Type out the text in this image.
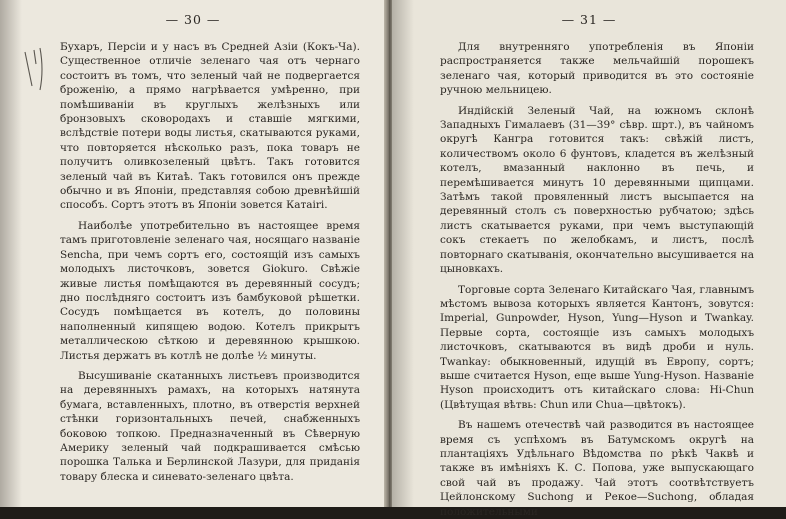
— 30 —

Бухаръ, Персіи и у насъ въ Средней Азіи (Кокъ-Чa). Существенное отличіе зеленаго чая отъ чернаго состоитъ въ томъ, что зеленый чай не подвергается броженію, а прямо нагрѣвается умѣренно, при помѣшиваніи въ круглыхъ желѣзныхъ или бронзовыхъ сковородахъ и ставшіе мягкими, вслѣдствіе потери воды листья, скатываются руками, что повторяется нѣсколько разъ, пока товаръ не получитъ оливкозеленый цвѣтъ. Такъ готовится зеленый чай въ Китаѣ. Такъ готовился онъ прежде обычно и въ Японіи, представляя собою древнѣйшій способъ. Сортъ этотъ въ Японіи зовется Катаіri.

Наиболѣе употребительно въ настоящее время тамъ приготовленіе зеленаго чая, носящаго названіе Senchа, при чемъ сортъ его, состоящій изъ самыхъ молодыхъ листочковъ, зовется Giokuro. Свѣжіе живые листья помѣщаются въ деревянный сосудъ; дно послѣдняго состоитъ изъ бамбуковой рѣшетки. Сосудъ помѣщается въ котелъ, до половины наполненный кипящею водою. Котелъ прикрытъ металлическою сѣткою и деревянною крышкою. Листья держатъ въ котлѣ не долѣе ½ минуты.

Высушиваніе скатанныхъ листьевъ производится на деревянныхъ рамахъ, на которыхъ натянута бумага, вставленныхъ, плотно, въ отверстія верхней стѣнки горизонтальныхъ печей, снабженныхъ боковою топкою. Предназначенный въ Сѣверную Америку зеленый чай подкрашивается смѣсью порошка Талька и Берлинской Лазури, для приданія товару блеска и синевато-зеленаго цвѣта.

— 31 —

Для внутренняго употребленія въ Японіи распространяется также мельчайшій порошекъ зеленаго чая, который приводится въ это состояніе ручною мельницею.

Индійскій Зеленый Чай, на южномъ склонѣ Западныхъ Гималаевъ (31—39° сѣвр. шрт.), въ чайномъ округѣ Кангра готовится такъ: свѣжій листъ, количествомъ около 6 фунтовъ, кладется въ желѣзный котелъ, вмазанный наклонно въ печь, и перемѣшивается минутъ 10 деревянными щипцами. Затѣмъ такой провяленный листъ высыпается на деревянный столъ съ поверхностью рубчатою; здѣсь листъ скатывается руками, при чемъ выступающій сокъ стекаетъ по желобкамъ, и листъ, послѣ повторнаго скатыванія, окончательно высушивается на цыновкахъ.

Торговые сорта Зеленаго Китайскаго Чая, главнымъ мѣстомъ вывоза которыхъ является Кантонъ, зовутся: Imperial, Gunpowder, Hyson, Yung—Hyson и Twankay. Первые сорта, состоящіе изъ самыхъ молодыхъ листочковъ, скатываются въ видѣ дроби и нуль. Twankay: обыкновенный, идущій въ Европу, сортъ; выше считается Hyson, еще выше Yung-Hyson. Названіе Hyson происходитъ отъ китайскаго слова: Hi-Chun (Цвѣтущая вѣтвь: Chun или Chua—цвѣтокъ).

Въ нашемъ отечествѣ чай разводится въ настоящее время съ успѣхомъ въ Батумскомъ округѣ на плантаціяхъ Удѣльнаго Вѣдомства по рѣкѣ Чаквѣ и также въ имѣніяхъ К. С. Попова, уже выпускающаго свой чай въ продажу. Чай этотъ соотвѣтствуетъ Цейлонскому Suchong и Рекое—Suchong, обладая положительными
